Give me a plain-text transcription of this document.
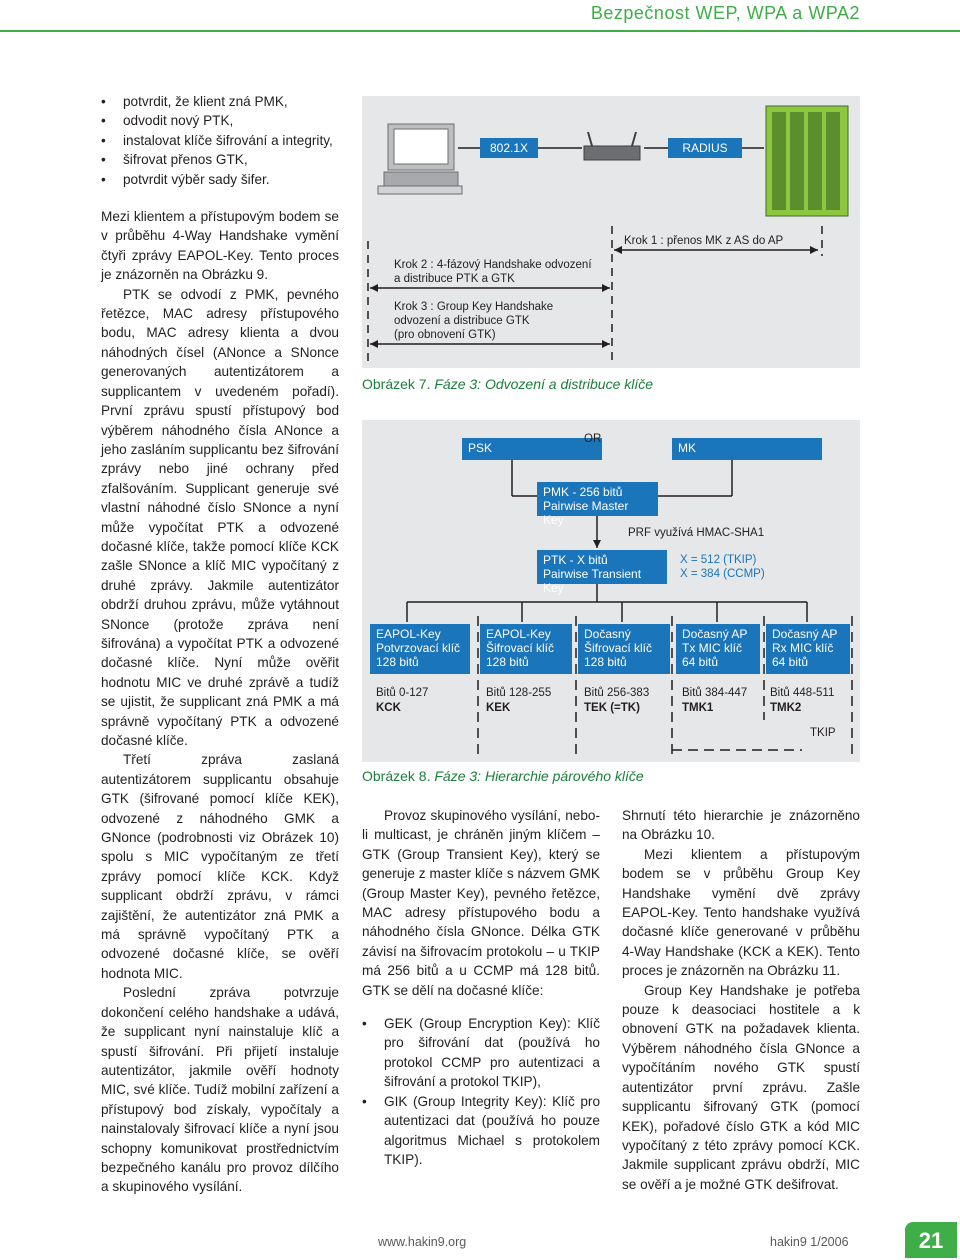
Bezpečnost WEP, WPA a WPA2
• potvrdit, že klient zná PMK,
• odvodit nový PTK,
• instalovat klíče šifrování a integrity,
• šifrovat přenos GTK,
• potvrdit výběr sady šifer.

Mezi klientem a přístupovým bodem se v průběhu 4-Way Handshake vymění čtyři zprávy EAPOL-Key. Tento proces je znázorněn na Obrázku 9.

PTK se odvodí z PMK, pevného řetězce, MAC adresy přístupového bodu, MAC adresy klienta a dvou náhodných čísel (ANonce a SNonce generovaných autentizátorem a supplicantem v uvedeném pořadí). První zprávu spustí přístupový bod výběrem náhodného čísla ANonce a jeho zasláním supplicantu bez šifrování zprávy nebo jiné ochrany před zfalšováním. Supplicant generuje své vlastní náhodné číslo SNonce a nyní může vypočítat PTK a odvozené dočasné klíče, takže pomocí klíče KCK zašle SNonce a klíč MIC vypočítaný z druhé zprávy. Jakmile autentizátor obdrží druhou zprávu, může vytáhnout SNonce (protože zpráva není šifrována) a vypočítat PTK a odvozené dočasné klíče. Nyní může ověřit hodnotu MIC ve druhé zprávě a tudíž se ujistit, že supplicant zná PMK a má správně vypočítaný PTK a odvozené dočasné klíče.

Třetí zpráva zaslaná autentizátorem supplicantu obsahuje GTK (šifrované pomocí klíče KEK), odvozené z náhodného GMK a GNonce (podrobnosti viz Obrázek 10) spolu s MIC vypočítaným ze třetí zprávy pomocí klíče KCK. Když supplicant obdrží zprávu, v rámci zajištění, že autentizátor zná PMK a má správně vypočítaný PTK a odvozené dočasné klíče, se ověří hodnota MIC.

Poslední zpráva potvrzuje dokončení celého handshake a udává, že supplicant nyní nainstaluje klíč a spustí šifrování. Při přijetí instaluje autentizátor, jakmile ověří hodnoty MIC, své klíče. Tudíž mobilní zařízení a přístupový bod získaly, vypočítaly a nainstalovaly šifrovací klíče a nyní jsou schopny komunikovat prostřednictvím bezpečného kanálu pro provoz dílčího a skupinového vysílání.

802.1X	RADIUS
Krok 1 : přenos MK z AS do AP
Krok 2 : 4-fázový Handshake odvození
a distribuce PTK a GTK
Krok 3 : Group Key Handshake
odvození a distribuce GTK
(pro obnovení GTK)
Obrázek 7. Fáze 3: Odvození a distribuce klíče
PSK
OR
MK
PMK - 256 bitů
Pairwise Master Key
PRF využívá HMAC-SHA1
PTK - X bitů
Pairwise Transient Key
X = 512 (TKIP)
X = 384 (CCMP)
EAPOL-Key
Potvrzovací klíč
128 bitů
EAPOL-Key
Šifrovací klíč
128 bitů
Dočasný
Šifrovací klíč
128 bitů
Dočasný AP
Tx MIC klíč
64 bitů
Dočasný AP
Rx MIC klíč
64 bitů
Bitů 0-127
KCK
Bitů 128-255
KEK
Bitů 256-383
TEK (=TK)
Bitů 384-447
TMK1
Bitů 448-511
TMK2
TKIP
Obrázek 8. Fáze 3: Hierarchie párového klíče

Provoz skupinového vysílání, nebo-li multicast, je chráněn jiným klíčem – GTK (Group Transient Key), který se generuje z master klíče s názvem GMK (Group Master Key), pevného řetězce, MAC adresy přístupového bodu a náhodného čísla GNonce. Délka GTK závisí na šifrovacím protokolu – u TKIP má 256 bitů a u CCMP má 128 bitů. GTK se dělí na dočasné klíče:

• GEK (Group Encryption Key): Klíč pro šifrování dat (používá ho protokol CCMP pro autentizaci a šifrování a protokol TKIP),
• GIK (Group Integrity Key): Klíč pro autentizaci dat (používá ho pouze algoritmus Michael s protokolem TKIP).

Shrnutí této hierarchie je znázorněno na Obrázku 10.

Mezi klientem a přístupovým bodem se v průběhu Group Key Handshake vymění dvě zprávy EAPOL-Key. Tento handshake využívá dočasné klíče generované v průběhu 4-Way Handshake (KCK a KEK). Tento proces je znázorněn na Obrázku 11.

Group Key Handshake je potřeba pouze k deasociaci hostitele a k obnovení GTK na požadavek klienta. Výběrem náhodného čísla GNonce a vypočítáním nového GTK spustí autentizátor první zprávu. Zašle supplicantu šifrovaný GTK (pomocí KEK), pořadové číslo GTK a kód MIC vypočítaný z této zprávy pomocí KCK. Jakmile supplicant zprávu obdrží, MIC se ověří a je možné GTK dešifrovat.

www.hakin9.org	hakin9 1/2006	21
